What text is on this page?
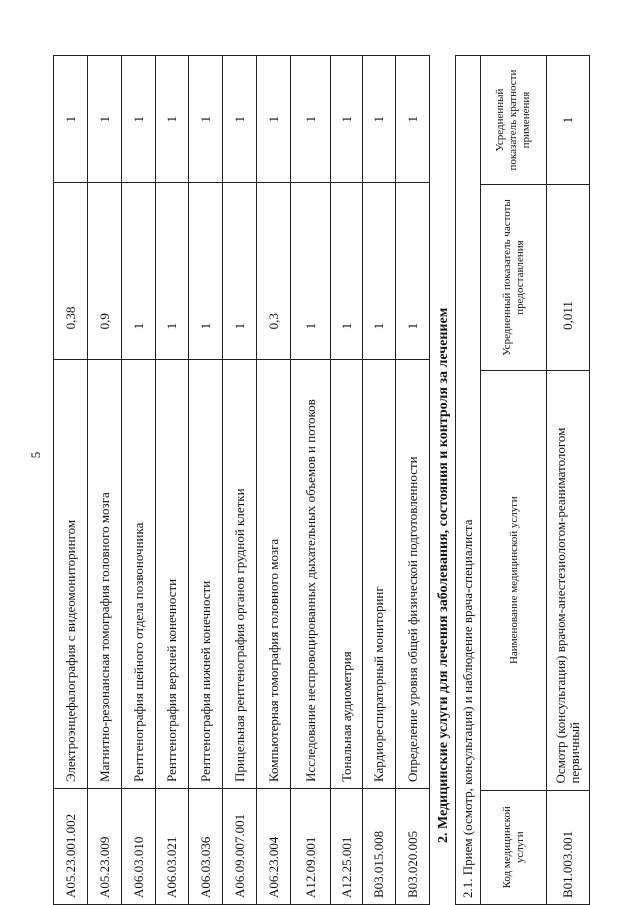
5
A05.23.001.002	Электроэнцефалография с видеомониторингом	0,38	1
A05.23.009	Магнитно-резонансная томография головного мозга	0,9	1
A06.03.010	Рентгенография шейного отдела позвоночника	1	1
A06.03.021	Рентгенография верхней конечности	1	1
A06.03.036	Рентгенография нижней конечности	1	1
A06.09.007.001	Прицельная рентгенография органов грудной клетки	1	1
A06.23.004	Компьютерная томография головного мозга	0,3	1
A12.09.001	Исследование неспровоцированных дыхательных объемов и потоков	1	1
A12.25.001	Тональная аудиометрия	1	1
B03.015.008	Кардиореспираторный мониторинг	1	1
B03.020.005	Определение уровня общей физической подготовленности	1	1
2. Медицинские услуги для лечения заболевания, состояния и контроля за лечением 2.1. Прием (осмотр, консультация) и наблюдение врача-специалиста			
Код медицинской услуги	Наименование медицинской услуги	Усредненный показатель частоты предоставления	Усредненный показатель кратности применения
B01.003.001	Осмотр (консультация) врачом-анестезиологом-реаниматологом первичный	0,011	1
